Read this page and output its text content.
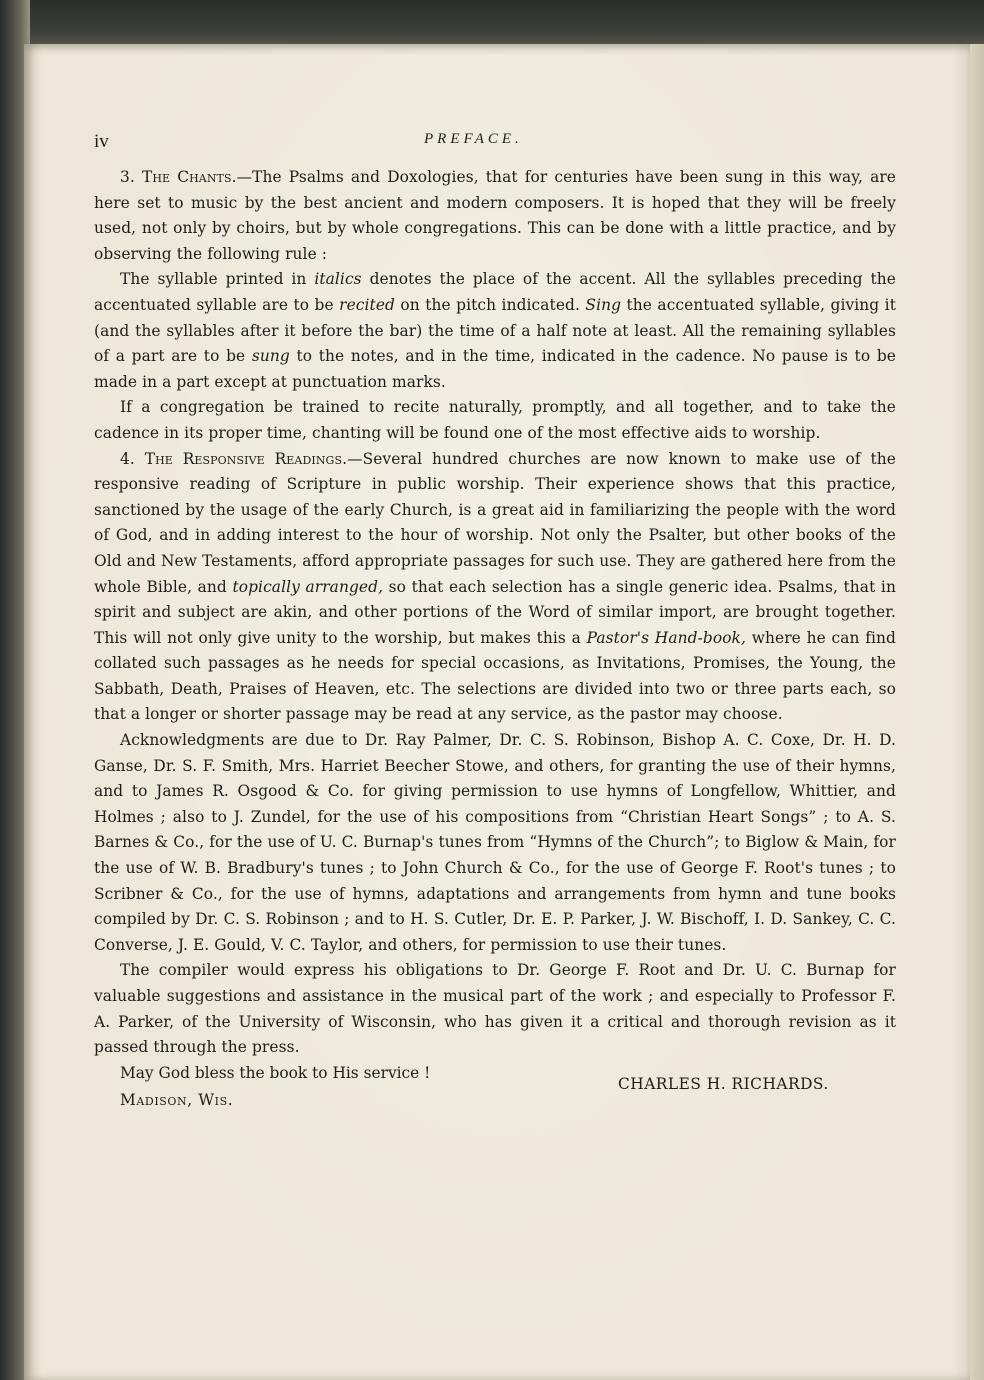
iv	PREFACE.

3. The Chants.—The Psalms and Doxologies, that for centuries have been sung in this way, are here set to music by the best ancient and modern composers. It is hoped that they will be freely used, not only by choirs, but by whole congregations. This can be done with a little practice, and by observing the following rule :

The syllable printed in italics denotes the place of the accent. All the syllables preceding the accentuated syllable are to be recited on the pitch indicated. Sing the accentuated syllable, giving it (and the syllables after it before the bar) the time of a half note at least. All the remaining syllables of a part are to be sung to the notes, and in the time, indicated in the cadence. No pause is to be made in a part except at punctuation marks.

If a congregation be trained to recite naturally, promptly, and all together, and to take the cadence in its proper time, chanting will be found one of the most effective aids to worship.

4. The Responsive Readings.—Several hundred churches are now known to make use of the responsive reading of Scripture in public worship. Their experience shows that this practice, sanctioned by the usage of the early Church, is a great aid in familiarizing the people with the word of God, and in adding interest to the hour of worship. Not only the Psalter, but other books of the Old and New Testaments, afford appropriate passages for such use. They are gathered here from the whole Bible, and topically arranged, so that each selection has a single generic idea. Psalms, that in spirit and subject are akin, and other portions of the Word of similar import, are brought together. This will not only give unity to the worship, but makes this a Pastor's Hand-book, where he can find collated such passages as he needs for special occasions, as Invitations, Promises, the Young, the Sabbath, Death, Praises of Heaven, etc. The selections are divided into two or three parts each, so that a longer or shorter passage may be read at any service, as the pastor may choose.

Acknowledgments are due to Dr. Ray Palmer, Dr. C. S. Robinson, Bishop A. C. Coxe, Dr. H. D. Ganse, Dr. S. F. Smith, Mrs. Harriet Beecher Stowe, and others, for granting the use of their hymns, and to James R. Osgood & Co. for giving permission to use hymns of Longfellow, Whittier, and Holmes ; also to J. Zundel, for the use of his compositions from “Christian Heart Songs” ; to A. S. Barnes & Co., for the use of U. C. Burnap's tunes from “Hymns of the Church”; to Biglow & Main, for the use of W. B. Bradbury's tunes ; to John Church & Co., for the use of George F. Root's tunes ; to Scribner & Co., for the use of hymns, adaptations and arrangements from hymn and tune books compiled by Dr. C. S. Robinson ; and to H. S. Cutler, Dr. E. P. Parker, J. W. Bischoff, I. D. Sankey, C. C. Converse, J. E. Gould, V. C. Taylor, and others, for permission to use their tunes.

The compiler would express his obligations to Dr. George F. Root and Dr. U. C. Burnap for valuable suggestions and assistance in the musical part of the work ; and especially to Professor F. A. Parker, of the University of Wisconsin, who has given it a critical and thorough revision as it passed through the press.

May God bless the book to His service !
CHARLES H. RICHARDS.
Madison, Wis.
